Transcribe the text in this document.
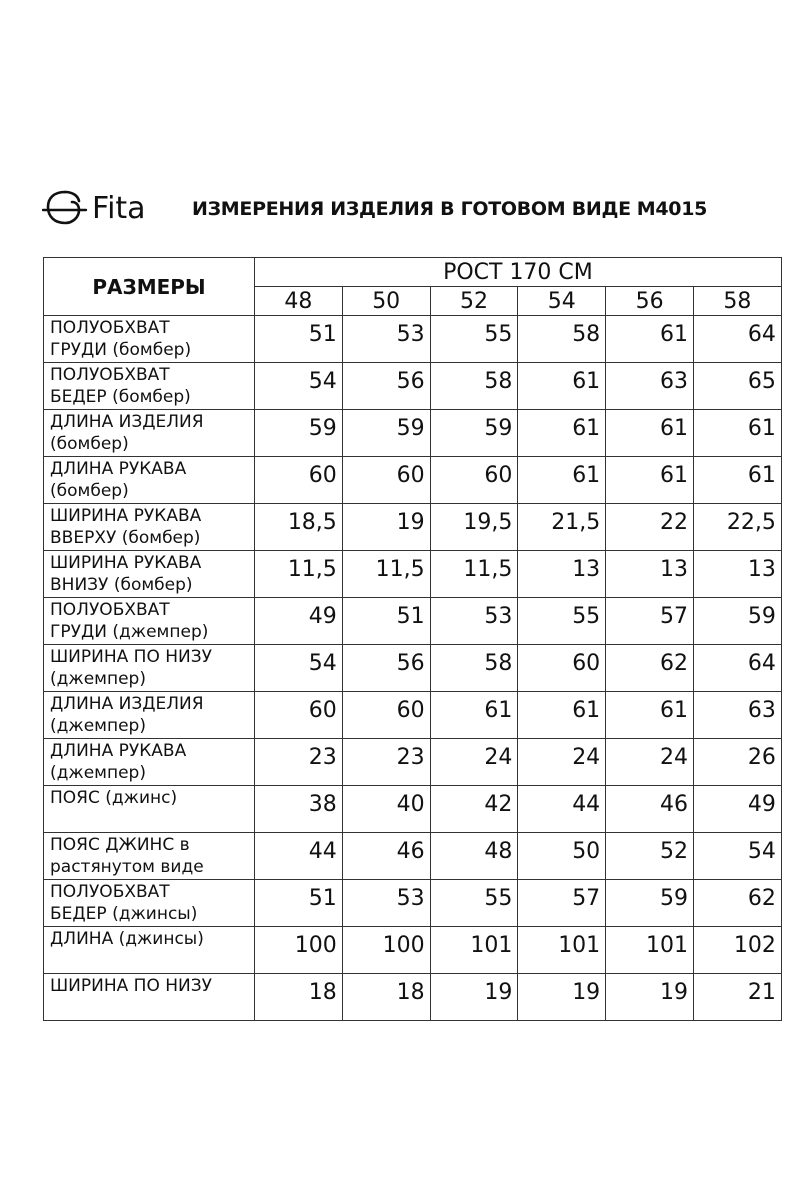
Fita ИЗМЕРЕНИЯ ИЗДЕЛИЯ В ГОТОВОМ ВИДЕ М4015
РАЗМЕРЫ	РОСТ 170 СМ					
	48	50	52	54	56	58

ПОЛУОБХВАТ
ГРУДИ (бомбер)	51	53	55	58	61	64

ПОЛУОБХВАТ
БЕДЕР (бомбер)	54	56	58	61	63	65

ДЛИНА ИЗДЕЛИЯ
(бомбер)	59	59	59	61	61	61

ДЛИНА РУКАВА
(бомбер)	60	60	60	61	61	61

ШИРИНА РУКАВА
ВВЕРХУ (бомбер)	18,5	19	19,5	21,5	22	22,5

ШИРИНА РУКАВА
ВНИЗУ (бомбер)	11,5	11,5	11,5	13	13	13

ПОЛУОБХВАТ
ГРУДИ (джемпер)	49	51	53	55	57	59

ШИРИНА ПО НИЗУ
(джемпер)	54	56	58	60	62	64

ДЛИНА ИЗДЕЛИЯ
(джемпер)	60	60	61	61	61	63

ДЛИНА РУКАВА
(джемпер)	23	23	24	24	24	26

ПОЯС (джинс)	38	40	42	44	46	49

ПОЯС ДЖИНС в
растянутом виде	44	46	48	50	52	54

ПОЛУОБХВАТ
БЕДЕР (джинсы)	51	53	55	57	59	62

ДЛИНА (джинсы)	100	100	101	101	101	102

ШИРИНА ПО НИЗУ	18	18	19	19	19	21
